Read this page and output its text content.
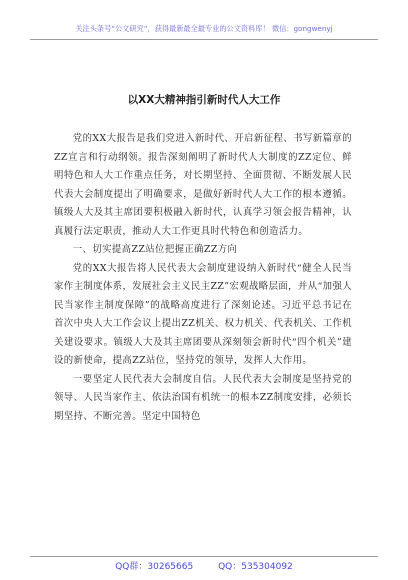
关注头条号“公文研究”，获得最新最全最专业的公文资料库！ 微信：gongwenyj
以XX大精神指引新时代人大工作

党的XX大报告是我们党进入新时代、开启新征程、书写新篇章的ZZ宣言和行动纲领。报告深刻阐明了新时代人大制度的ZZ定位、鲜明特色和人大工作重点任务，对长期坚持、全面贯彻、不断发展人民代表大会制度提出了明确要求，是做好新时代人大工作的根本遵循。镇级人大及其主席团要积极融入新时代，认真学习领会报告精神，认真履行法定职责，推动人大工作更具时代特色和创造活力。

一、切实提高ZZ站位把握正确ZZ方向

党的XX大报告将人民代表大会制度建设纳入新时代“健全人民当家作主制度体系，发展社会主义民主ZZ”宏观战略层面，并从“加强人民当家作主制度保障”的战略高度进行了深刻论述。习近平总书记在首次中央人大工作会议上提出ZZ机关、权力机关、代表机关、工作机关建设要求。镇级人大及其主席团要从深刻领会新时代“四个机关”建设的新使命，提高ZZ站位，坚持党的领导，发挥人大作用。

一要坚定人民代表大会制度自信。人民代表大会制度是坚持党的领导、人民当家作主、依法治国有机统一的根本ZZ制度安排，必须长期坚持、不断完善。坚定中国特色

QQ群：30265665	QQ：535304092
